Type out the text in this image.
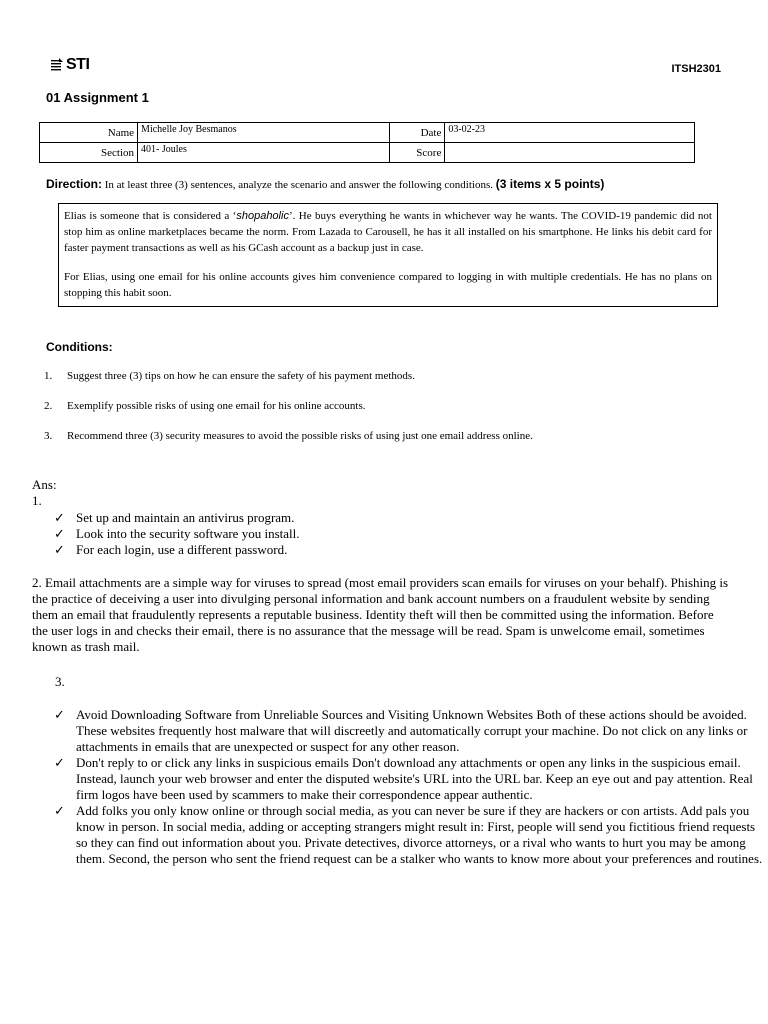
STI	ITSH2301
01 Assignment 1
Name	Michelle Joy Besmanos	Date	03-02-23
Section	401- Joules	Score	
Direction: In at least three (3) sentences, analyze the scenario and answer the following conditions. (3 items x 5 points)

Elias is someone that is considered a ‘shopaholic’. He buys everything he wants in whichever way he wants. The COVID-19 pandemic did not stop him as online marketplaces became the norm. From Lazada to Carousell, he has it all installed on his smartphone. He links his debit card for faster payment transactions as well as his GCash account as a backup just in case.

For Elias, using one email for his online accounts gives him convenience compared to logging in with multiple credentials. He has no plans on stopping this habit soon.

Conditions:
1.	Suggest three (3) tips on how he can ensure the safety of his payment methods.
2.	Exemplify possible risks of using one email for his online accounts.
3.	Recommend three (3) security measures to avoid the possible risks of using just one email address online.
Ans:
1.
✓ Set up and maintain an antivirus program.
✓ Look into the security software you install.
✓ For each login, use a different password.
2. Email attachments are a simple way for viruses to spread (most email providers scan emails for viruses on your behalf). Phishing is the practice of deceiving a user into divulging personal information and bank account numbers on a fraudulent website by sending them an email that fraudulently represents a reputable business. Identity theft will then be committed using the information. Before the user logs in and checks their email, there is no assurance that the message will be read. Spam is unwelcome email, sometimes known as trash mail.
3.
✓ Avoid Downloading Software from Unreliable Sources and Visiting Unknown Websites Both of these actions should be avoided. These websites frequently host malware that will discreetly and automatically corrupt your machine. Do not click on any links or attachments in emails that are unexpected or suspect for any other reason.
✓ Don't reply to or click any links in suspicious emails Don't download any attachments or open any links in the suspicious email. Instead, launch your web browser and enter the disputed website's URL into the URL bar. Keep an eye out and pay attention. Real firm logos have been used by scammers to make their correspondence appear authentic.
✓ Add folks you only know online or through social media, as you can never be sure if they are hackers or con artists. Add pals you know in person. In social media, adding or accepting strangers might result in: First, people will send you fictitious friend requests so they can find out information about you. Private detectives, divorce attorneys, or a rival who wants to hurt you may be among them. Second, the person who sent the friend request can be a stalker who wants to know more about your preferences and routines.
